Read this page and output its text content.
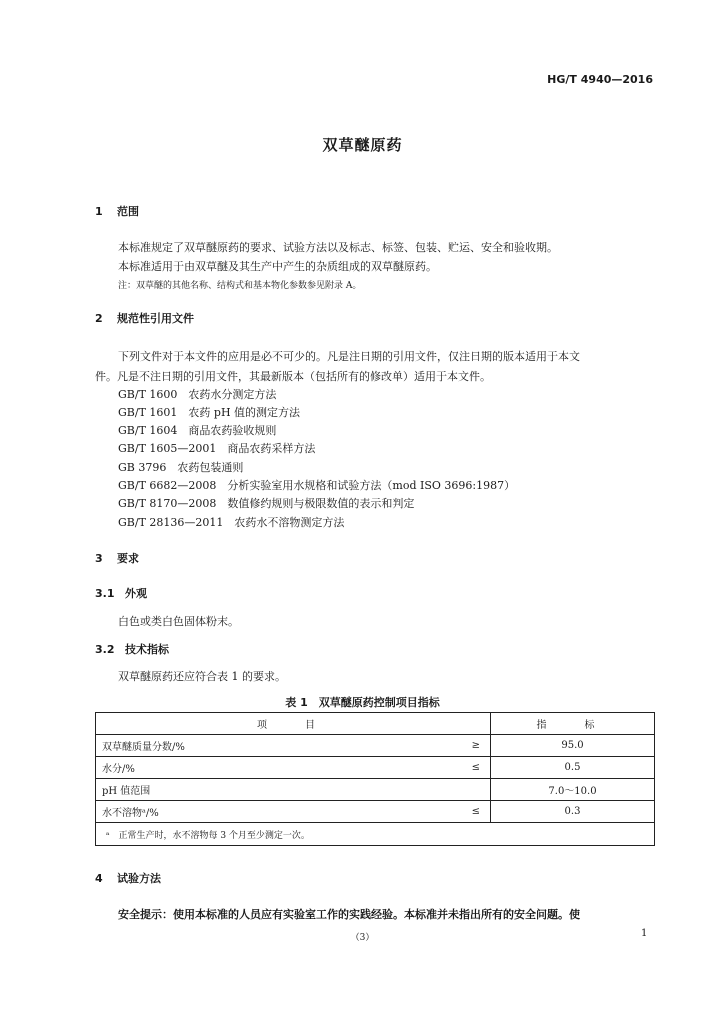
HG/T 4940—2016
双草醚原药
1 范围
本标准规定了双草醚原药的要求、试验方法以及标志、标签、包装、贮运、安全和验收期。
本标准适用于由双草醚及其生产中产生的杂质组成的双草醚原药。
注：双草醚的其他名称、结构式和基本物化参数参见附录 A。
2 规范性引用文件
下列文件对于本文件的应用是必不可少的。凡是注日期的引用文件，仅注日期的版本适用于本文
件。凡是不注日期的引用文件，其最新版本（包括所有的修改单）适用于本文件。
GB/T 1600　农药水分测定方法
GB/T 1601　农药 pH 值的测定方法
GB/T 1604　商品农药验收规则
GB/T 1605—2001　商品农药采样方法
GB 3796　农药包装通则
GB/T 6682—2008　分析实验室用水规格和试验方法（mod ISO 3696:1987）
GB/T 8170—2008　数值修约规则与极限数值的表示和判定
GB/T 28136—2011　农药水不溶物测定方法
3 要求
3.1 外观
白色或类白色固体粉末。
3.2 技术指标
双草醚原药还应符合表 1 的要求。
表 1　双草醚原药控制项目指标
项　目		指　标
双草醚质量分数/%	≥	95.0
水分/%	≤	0.5
pH 值范围		7.0～10.0
水不溶物ᵃ/%	≤	0.3
ᵃ　正常生产时，水不溶物每 3 个月至少测定一次。		
4 试验方法
安全提示：使用本标准的人员应有实验室工作的实践经验。本标准并未指出所有的安全问题。使
（3）	1
